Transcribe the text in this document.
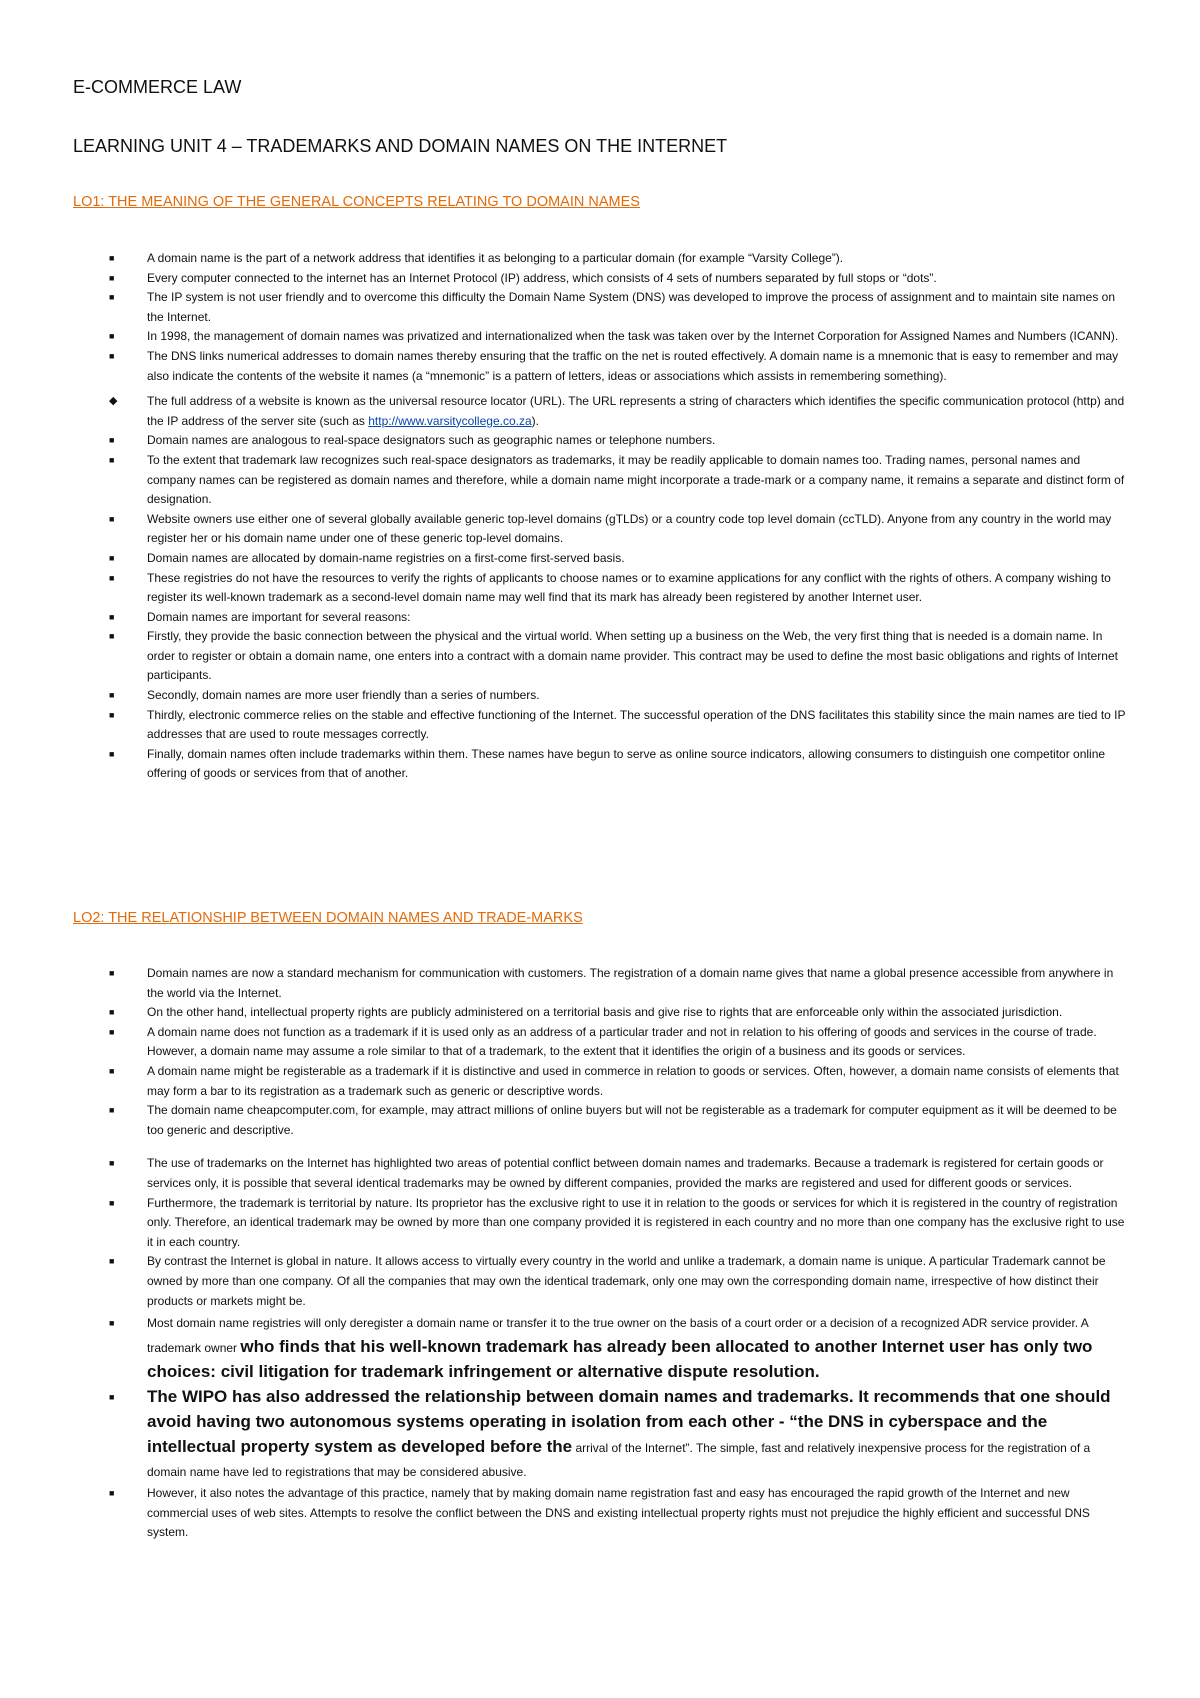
E-COMMERCE LAW
LEARNING UNIT 4 – TRADEMARKS AND DOMAIN NAMES ON THE INTERNET
LO1: THE MEANING OF THE GENERAL CONCEPTS RELATING TO DOMAIN NAMES
■	A domain name is the part of a network address that identifies it as belonging to a particular domain (for example “Varsity College”).
■	Every computer connected to the internet has an Internet Protocol (IP) address, which consists of 4 sets of numbers separated by full stops or “dots”.
■	The IP system is not user friendly and to overcome this difficulty the Domain Name System (DNS) was developed to improve the process of assignment and to maintain site names on the Internet.
■	In 1998, the management of domain names was privatized and internationalized when the task was taken over by the Internet Corporation for Assigned Names and Numbers (ICANN).
■	The DNS links numerical addresses to domain names thereby ensuring that the traffic on the net is routed effectively. A domain name is a mnemonic that is easy to remember and may also indicate the contents of the website it names (a “mnemonic” is a pattern of letters, ideas or associations which assists in remembering something).
◆ The full address of a website is known as the universal resource locator (URL). The URL represents a string of characters which identifies the specific communication protocol (http) and the IP address of the server site (such as http://www.varsitycollege.co.za).
■	Domain names are analogous to real-space designators such as geographic names or telephone numbers.
■	To the extent that trademark law recognizes such real-space designators as trademarks, it may be readily applicable to domain names too. Trading names, personal names and company names can be registered as domain names and therefore, while a domain name might incorporate a trade-mark or a company name, it remains a separate and distinct form of designation.
■	Website owners use either one of several globally available generic top-level domains (gTLDs) or a country code top level domain (ccTLD). Anyone from any country in the world may register her or his domain name under one of these generic top-level domains.
■	Domain names are allocated by domain-name registries on a first-come first-served basis.
■	These registries do not have the resources to verify the rights of applicants to choose names or to examine applications for any conflict with the rights of others. A company wishing to register its well-known trademark as a second-level domain name may well find that its mark has already been registered by another Internet user.
■	Domain names are important for several reasons:
■	Firstly, they provide the basic connection between the physical and the virtual world. When setting up a business on the Web, the very first thing that is needed is a domain name. In order to register or obtain a domain name, one enters into a contract with a domain name provider. This contract may be used to define the most basic obligations and rights of Internet participants.
■	Secondly, domain names are more user friendly than a series of numbers.
■	Thirdly, electronic commerce relies on the stable and effective functioning of the Internet. The successful operation of the DNS facilitates this stability since the main names are tied to IP addresses that are used to route messages correctly.
■	Finally, domain names often include trademarks within them. These names have begun to serve as online source indicators, allowing consumers to distinguish one competitor online offering of goods or services from that of another.
LO2: THE RELATIONSHIP BETWEEN DOMAIN NAMES AND TRADE-MARKS
■	Domain names are now a standard mechanism for communication with customers. The registration of a domain name gives that name a global presence accessible from anywhere in the world via the Internet.
■	On the other hand, intellectual property rights are publicly administered on a territorial basis and give rise to rights that are enforceable only within the associated jurisdiction.
■	A domain name does not function as a trademark if it is used only as an address of a particular trader and not in relation to his offering of goods and services in the course of trade. However, a domain name may assume a role similar to that of a trademark, to the extent that it identifies the origin of a business and its goods or services.
■	A domain name might be registerable as a trademark if it is distinctive and used in commerce in relation to goods or services. Often, however, a domain name consists of elements that may form a bar to its registration as a trademark such as generic or descriptive words.
■	The domain name cheapcomputer.com, for example, may attract millions of online buyers but will not be registerable as a trademark for computer equipment as it will be deemed to be too generic and descriptive.
■	The use of trademarks on the Internet has highlighted two areas of potential conflict between domain names and trademarks. Because a trademark is registered for certain goods or services only, it is possible that several identical trademarks may be owned by different companies, provided the marks are registered and used for different goods or services.
■	Furthermore, the trademark is territorial by nature. Its proprietor has the exclusive right to use it in relation to the goods or services for which it is registered in the country of registration only. Therefore, an identical trademark may be owned by more than one company provided it is registered in each country and no more than one company has the exclusive right to use it in each country.
■	By contrast the Internet is global in nature. It allows access to virtually every country in the world and unlike a trademark, a domain name is unique. A particular Trademark cannot be owned by more than one company. Of all the companies that may own the identical trademark, only one may own the corresponding domain name, irrespective of how distinct their products or markets might be.
■	Most domain name registries will only deregister a domain name or transfer it to the true owner on the basis of a court order or a decision of a recognized ADR service provider. A trademark owner who finds that his well-known trademark has already been allocated to another Internet user has only two choices: civil litigation for trademark infringement or alternative dispute resolution.
■ The WIPO has also addressed the relationship between domain names and trademarks. It recommends that one should avoid having two autonomous systems operating in isolation from each other - “the DNS in cyberspace and the intellectual property system as developed before the arrival of the Internet”. The simple, fast and relatively inexpensive process for the registration of a domain name have led to registrations that may be considered abusive.
■	However, it also notes the advantage of this practice, namely that by making domain name registration fast and easy has encouraged the rapid growth of the Internet and new commercial uses of web sites. Attempts to resolve the conflict between the DNS and existing intellectual property rights must not prejudice the highly efficient and successful DNS system.
